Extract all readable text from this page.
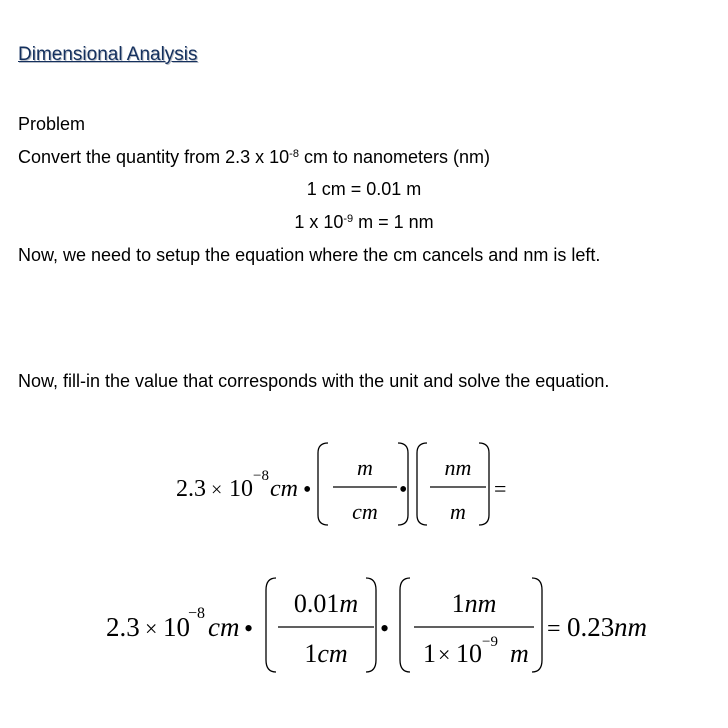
Dimensional Analysis
Problem
Convert the quantity from 2.3 x $10^{-8}$ cm to nanometers (nm)
1 cm = 0.01 m
1 x $10^{-9}$ m = 1 nm
Now, we need to setup the equation where the cm cancels and nm is left.
Now, fill-in the value that corresponds with the unit and solve the equation.
2.3 × 10 −8 cm •
m
cm
•
nm
m
=
2.3 × 10
−8 cm •
0.01m
1cm
•
1nm
1 × 10 −9 m
= 0.23 nm
